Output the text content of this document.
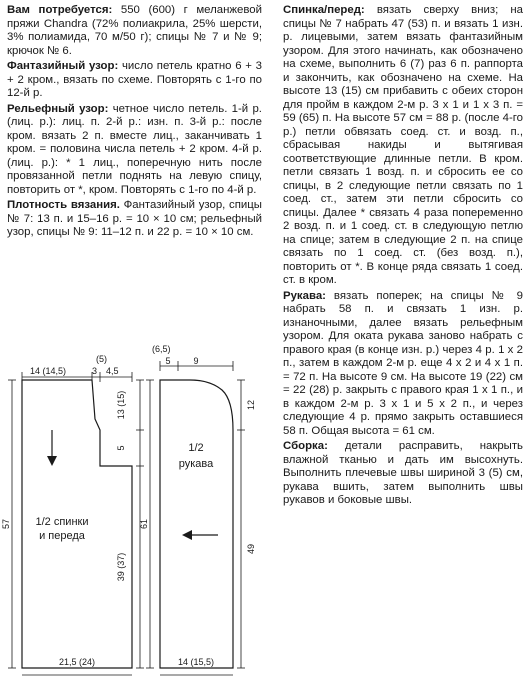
Вам потребуется: 550 (600) г меланжевой пряжи Chandra (72% полиакрила, 25% шерсти, 3% полиамида, 70 м/50 г); спицы № 7 и № 9; крючок № 6.

Фантазийный узор: число петель кратно 6 + 3 + 2 кром., вязать по схеме. Повторять с 1-го по 12-й р.

Рельефный узор: четное число петель. 1-й р. (лиц. р.): лиц. п. 2-й р.: изн. п. 3-й р.: после кром. вязать 2 п. вместе лиц., заканчивать 1 кром. = половина числа петель + 2 кром. 4-й р. (лиц. р.): * 1 лиц., поперечную нить после провязанной петли поднять на левую спицу, повторить от *, кром. Повторять с 1-го по 4-й р.

Плотность вязания. Фантазийный узор, спицы № 7: 13 п. и 15–16 р. = 10 × 10 см; рельефный узор, спицы № 9: 11–12 п. и 22 р. = 10 × 10 см.

Спинка/перед: вязать сверху вниз; на спицы № 7 набрать 47 (53) п. и вязать 1 изн. р. лицевыми, затем вязать фантазийным узором. Для этого начинать, как обозначено на схеме, выполнить 6 (7) раз 6 п. раппорта и закончить, как обозначено на схеме. На высоте 13 (15) см прибавить с обеих сторон для пройм в каждом 2-м р. 3 х 1 и 1 х 3 п. = 59 (65) п. На высоте 57 см = 88 р. (после 4-го р.) петли обвязать соед. ст. и возд. п., сбрасывая накиды и вытягивая соответствующие длинные петли. В кром. петли связать 1 возд. п. и сбросить ее со спицы, в 2 следующие петли связать по 1 соед. ст., затем эти петли сбросить со спицы. Далее * связать 4 раза попеременно 2 возд. п. и 1 соед. ст. в следующую петлю на спице; затем в следующие 2 п. на спице связать по 1 соед. ст. (без возд. п.), повторить от *. В конце ряда связать 1 соед. ст. в кром.

Рукава: вязать поперек; на спицы № 9 набрать 58 п. и связать 1 изн. р. изнаночными, далее вязать рельефным узором. Для оката рукава заново набрать с правого края (в конце изн. р.) через 4 р. 1 х 2 п., затем в каждом 2-м р. еще 4 х 2 и 4 х 1 п. = 72 п. На высоте 9 см. На высоте 19 (22) см = 22 (28) р. закрыть с правого края 1 х 1 п., и в каждом 2-м р. 3 х 1 и 5 х 2 п., и через следующие 4 р. прямо закрыть оставшиеся 58 п. Общая высота = 61 см.

Сборка: детали расправить, накрыть влажной тканью и дать им высохнуть. Выполнить плечевые швы шириной 3 (5) см, рукава вшить, затем выполнить швы рукавов и боковые швы.

14 (14,5)
(5)
3 4,5
57
13 (15)
5
39 (37)
21,5 (24)
1/2 спинки
и переда
(6,5)
5	9
61
12
49
14 (15,5)
1/2
рукава
